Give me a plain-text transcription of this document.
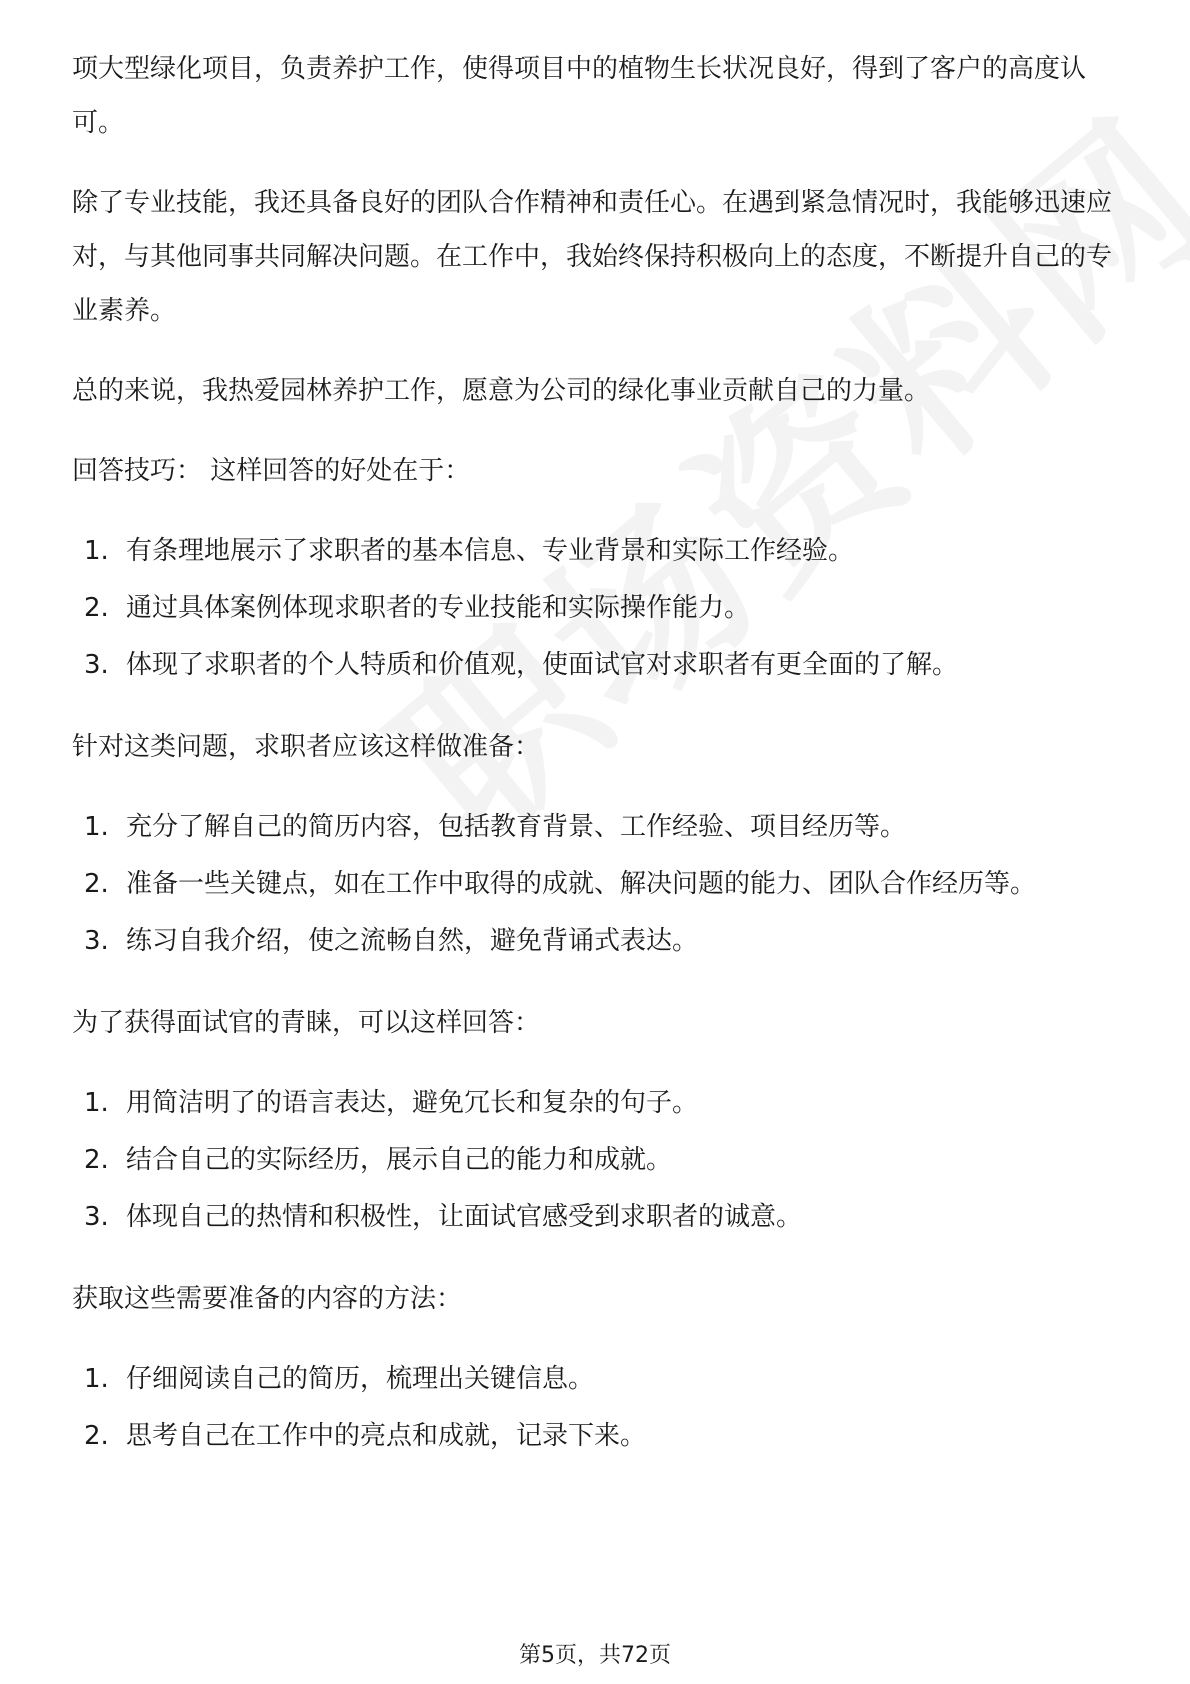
项大型绿化项目，负责养护工作，使得项目中的植物生长状况良好，得到了客户的高度认可。

除了专业技能，我还具备良好的团队合作精神和责任心。在遇到紧急情况时，我能够迅速应对，与其他同事共同解决问题。在工作中，我始终保持积极向上的态度，不断提升自己的专业素养。

总的来说，我热爱园林养护工作，愿意为公司的绿化事业贡献自己的力量。

回答技巧： 这样回答的好处在于：

1. 有条理地展示了求职者的基本信息、专业背景和实际工作经验。
2. 通过具体案例体现求职者的专业技能和实际操作能力。
3. 体现了求职者的个人特质和价值观，使面试官对求职者有更全面的了解。

针对这类问题，求职者应该这样做准备：

1. 充分了解自己的简历内容，包括教育背景、工作经验、项目经历等。
2. 准备一些关键点，如在工作中取得的成就、解决问题的能力、团队合作经历等。
3. 练习自我介绍，使之流畅自然，避免背诵式表达。

为了获得面试官的青睐，可以这样回答：

1. 用简洁明了的语言表达，避免冗长和复杂的句子。
2. 结合自己的实际经历，展示自己的能力和成就。
3. 体现自己的热情和积极性，让面试官感受到求职者的诚意。

获取这些需要准备的内容的方法：

1. 仔细阅读自己的简历，梳理出关键信息。
2. 思考自己在工作中的亮点和成就，记录下来。
第5页，共72页
